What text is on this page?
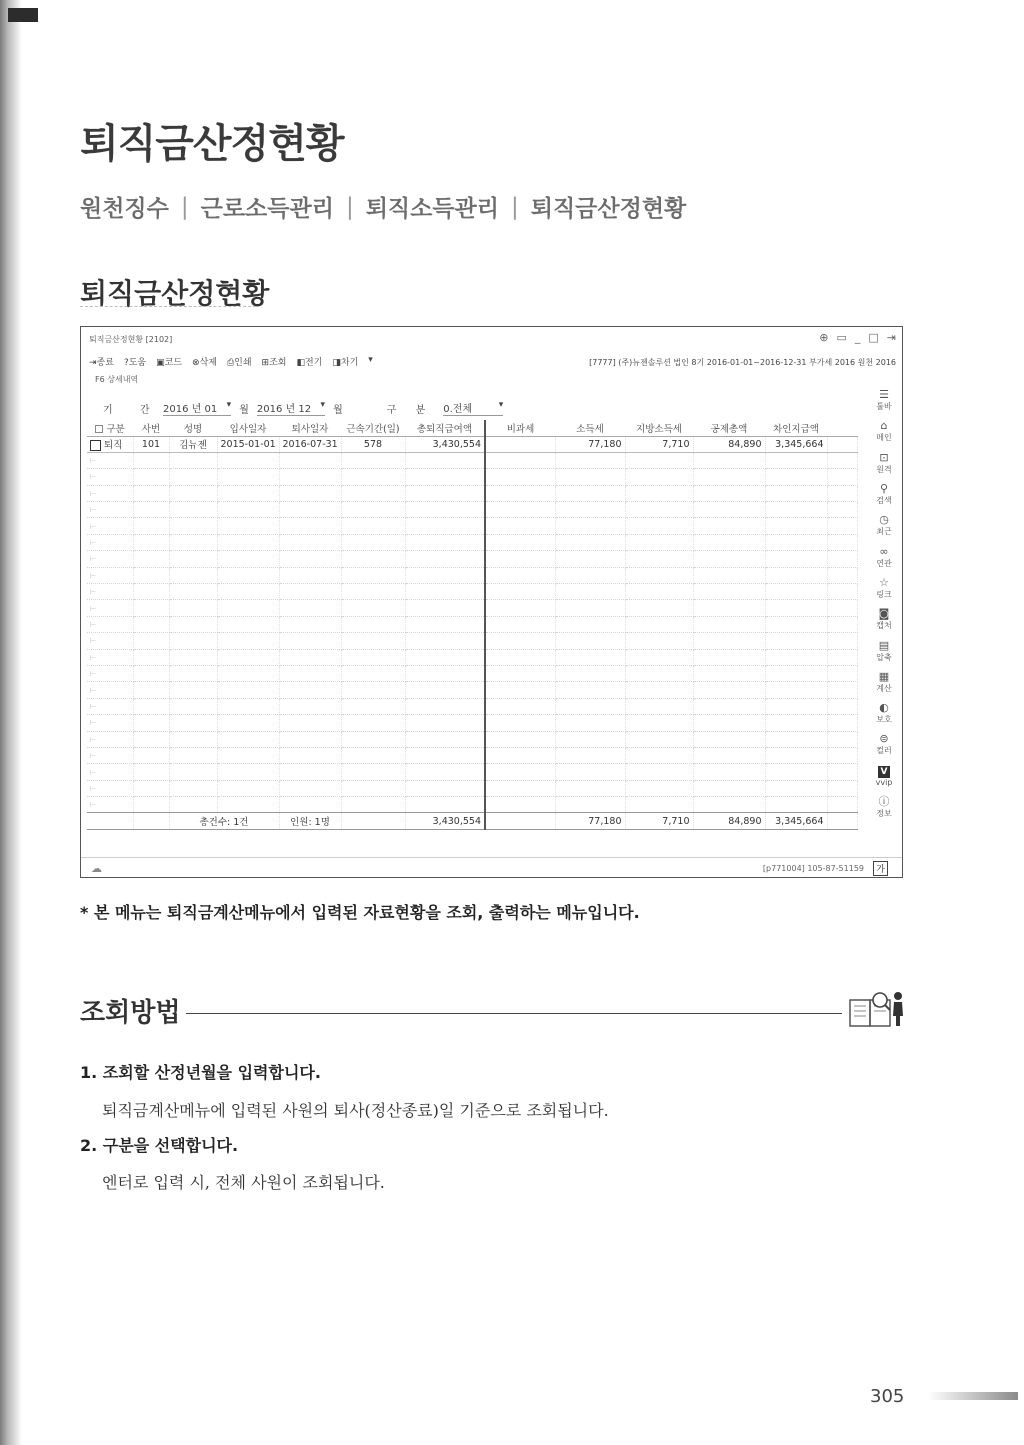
퇴직금산정현황
원천징수 | 근로소득관리 | 퇴직소득관리 | 퇴직금산정현황
퇴직금산정현황
퇴직금산정현황 [2102]	⊕ ▭ _ □ ⇥
⇥종료 ?도움 ▣코드 ⊗삭제 ⎙인쇄 ⊞조회 ◧전기 ◨차기 ▾	[7777] (주)뉴젠솔루션 법인 8기 2016-01-01~2016-12-31 부가세 2016 원천 2016
F6 상세내역
기 간 2016 년 01 ▾	월 2016 년 12 ▾	월	구 분 0.전체 ▾
구분	사번	성명	입사일자	퇴사일자	근속기간(일)	총퇴직급여액	비과세	소득세	지방소득세	공제총액	차인지급액	
퇴직	101	김뉴젠	2015-01-01	2016-07-31	578	3,430,554		77,180	7,710	84,890	3,345,664	
⊢												
⊢												
⊢												
⊢												
⊢												
⊢												
⊢												
⊢												
⊢												
⊢												
⊢												
⊢												
⊢												
⊢												
⊢												
⊢												
⊢												
⊢												
⊢												
⊢												
⊢												
⊢												
		총건수: 1건		인원: 1명		3,430,554		77,180	7,710	84,890	3,345,664	
☰
툴바
⌂
메인
⊡
원격
⚲
검색
◷
최근
∞
연관
☆
링크
◙
캡처
▤
압축
▦
계산
◐
보호
⊜
컬러
V
vvip
ⓘ
정보
☁	[p771004] 105-87-51159	가
* 본 메뉴는 퇴직금계산메뉴에서 입력된 자료현황을 조회, 출력하는 메뉴입니다.
조회방법
1. 조회할 산정년월을 입력합니다.
퇴직금계산메뉴에 입력된 사원의 퇴사(정산종료)일 기준으로 조회됩니다.
2. 구분을 선택합니다.
엔터로 입력 시, 전체 사원이 조회됩니다.
305
